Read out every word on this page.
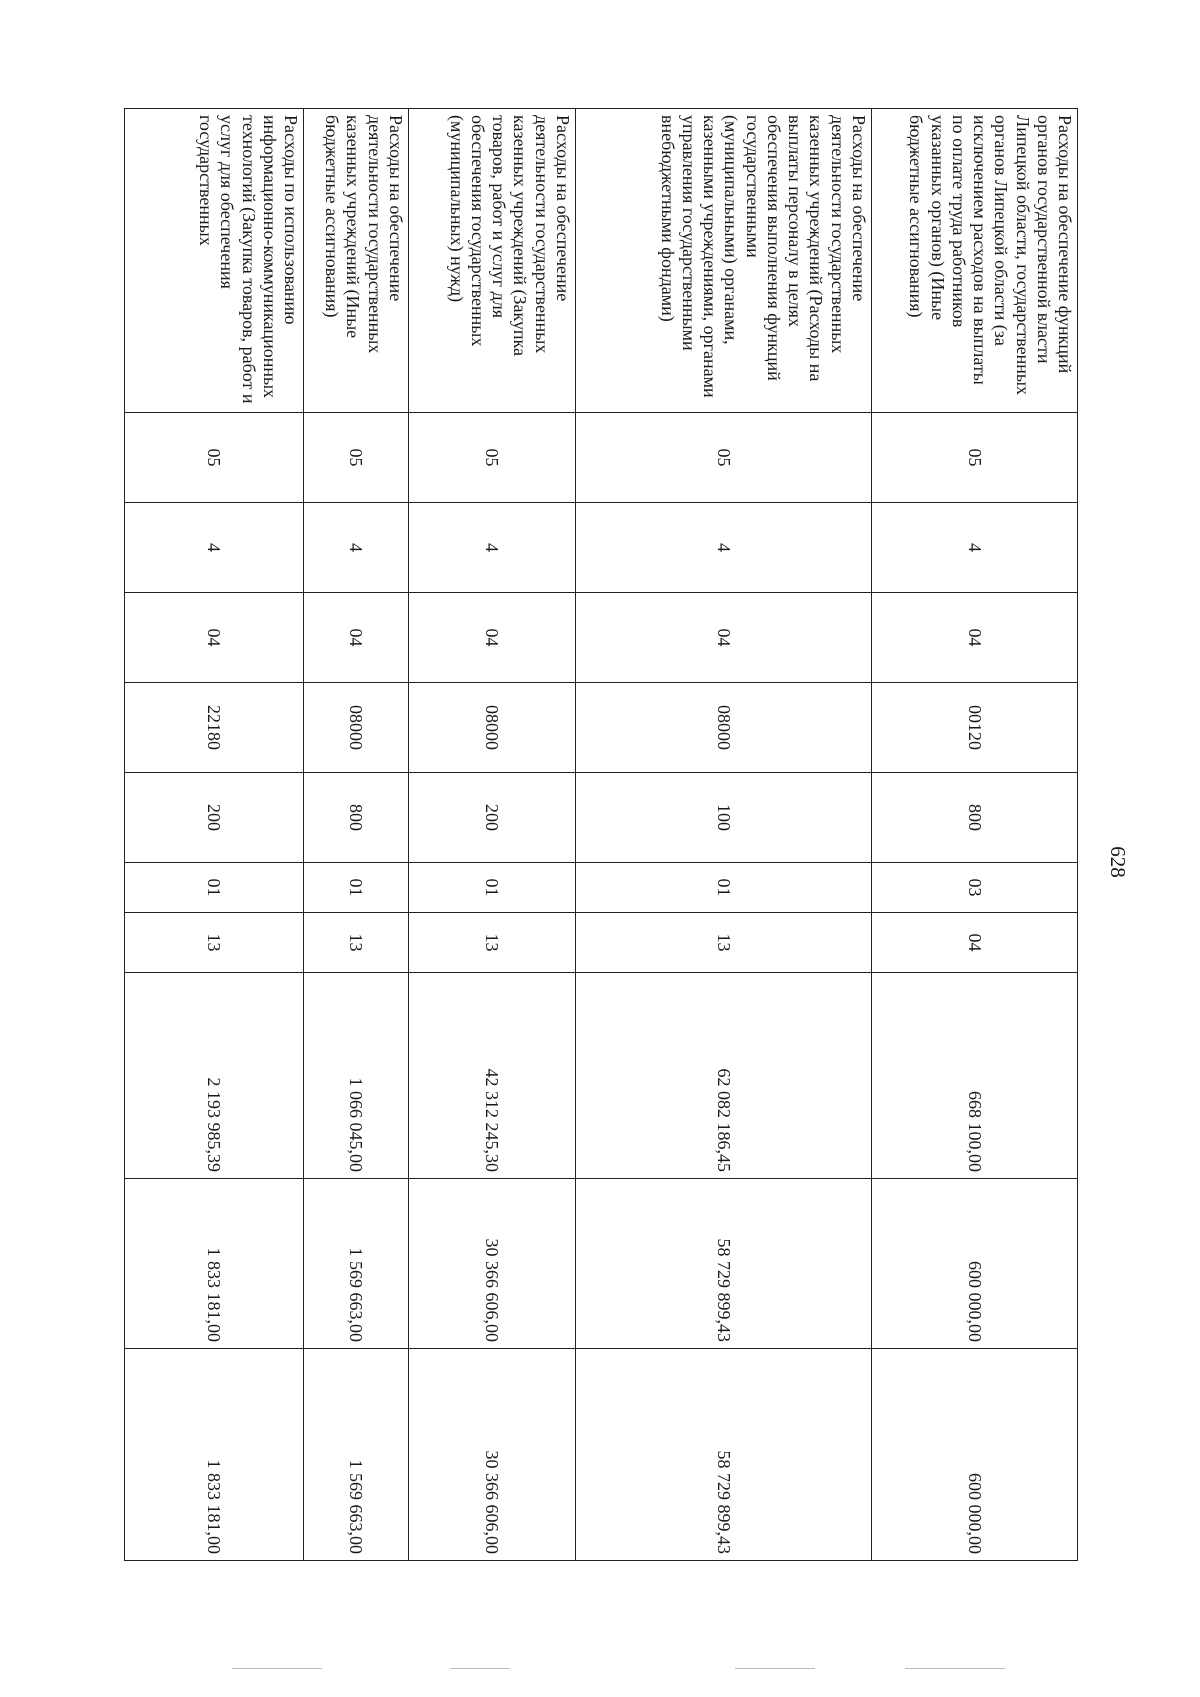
628
Расходы на обеспечение функций органов государственной власти Липецкой области, государственных органов Липецкой области (за исключением расходов на выплаты по оплате труда работников указанных органов) (Иные бюджетные ассигнования)	05	4	04	00120	800	03	04	668 100,00	600 000,00	600 000,00
Расходы на обеспечение деятельности государственных казенных учреждений (Расходы на выплаты персоналу в целях обеспечения выполнения функций государственными (муниципальными) органами, казенными учреждениями, органами управления государственными внебюджетными фондами)	05	4	04	08000	100	01	13	62 082 186,45	58 729 899,43	58 729 899,43
Расходы на обеспечение деятельности государственных казенных учреждений (Закупка товаров, работ и услуг для обеспечения государственных (муниципальных) нужд)	05	4	04	08000	200	01	13	42 312 245,30	30 366 606,00	30 366 606,00
Расходы на обеспечение деятельности государственных казенных учреждений (Иные бюджетные ассигнования)	05	4	04	08000	800	01	13	1 066 045,00	1 569 663,00	1 569 663,00
Расходы по использованию информационно-коммуникационных технологий (Закупка товаров, работ и услуг для обеспечения государственных	05	4	04	22180	200	01	13	2 193 985,39	1 833 181,00	1 833 181,00
